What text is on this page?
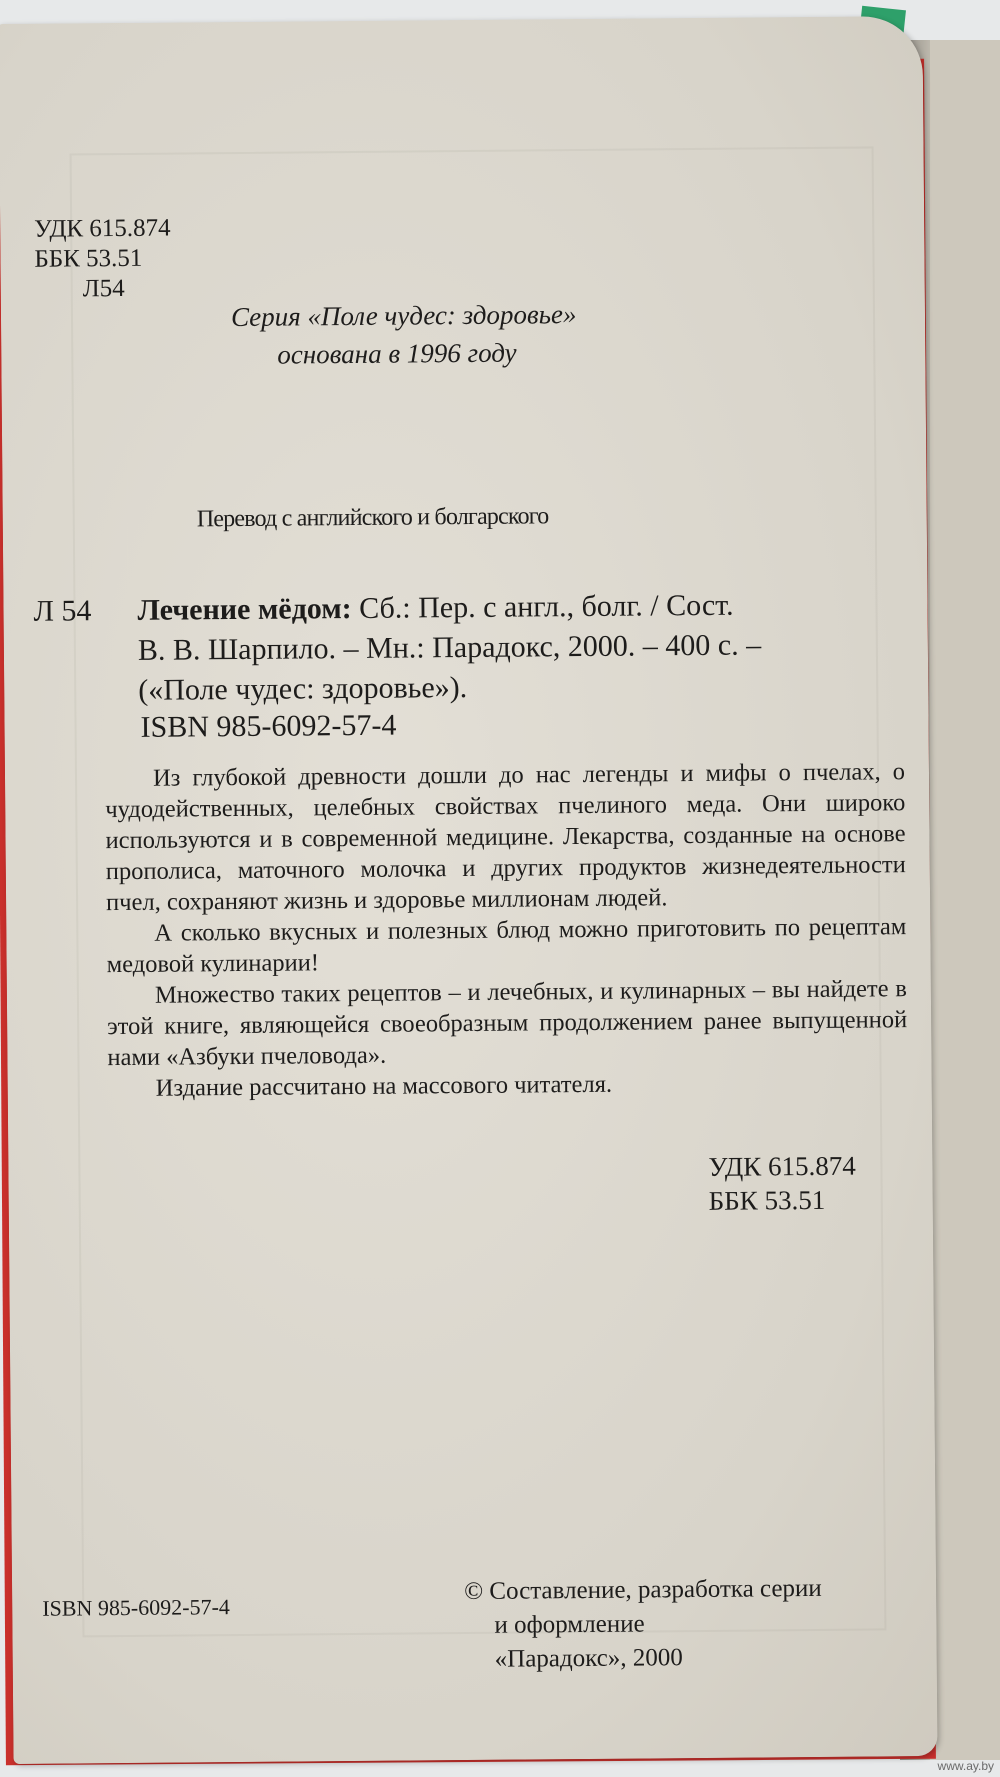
УДК 615.874
ББК 53.51
Л54
Серия «Поле чудес: здоровье»
основана в 1996 году
Перевод с английского и болгарского
Л 54 Лечение мёдом: Сб.: Пер. с англ., болг. / Сост.
В. В. Шарпило. – Мн.: Парадокс, 2000. – 400 с. –
(«Поле чудес: здоровье»).
ISBN 985-6092-57-4

Из глубокой древности дошли до нас легенды и мифы о пчелах, о чудодейственных, целебных свойствах пчелиного меда. Они широко используются и в современной медицине. Лекарства, созданные на основе прополиса, маточного молочка и других продуктов жизнедеятельности пчел, сохраняют жизнь и здоровье миллионам людей.

А сколько вкусных и полезных блюд можно приготовить по рецептам медовой кулинарии!

Множество таких рецептов – и лечебных, и кулинарных – вы найдете в этой книге, являющейся своеобразным продолжением ранее выпущенной нами «Азбуки пчеловода».

Издание рассчитано на массового читателя.

УДК 615.874
ББК 53.51
ISBN 985-6092-57-4
© Составление, разработка серии
и оформление
«Парадокс», 2000
www.ay.by
